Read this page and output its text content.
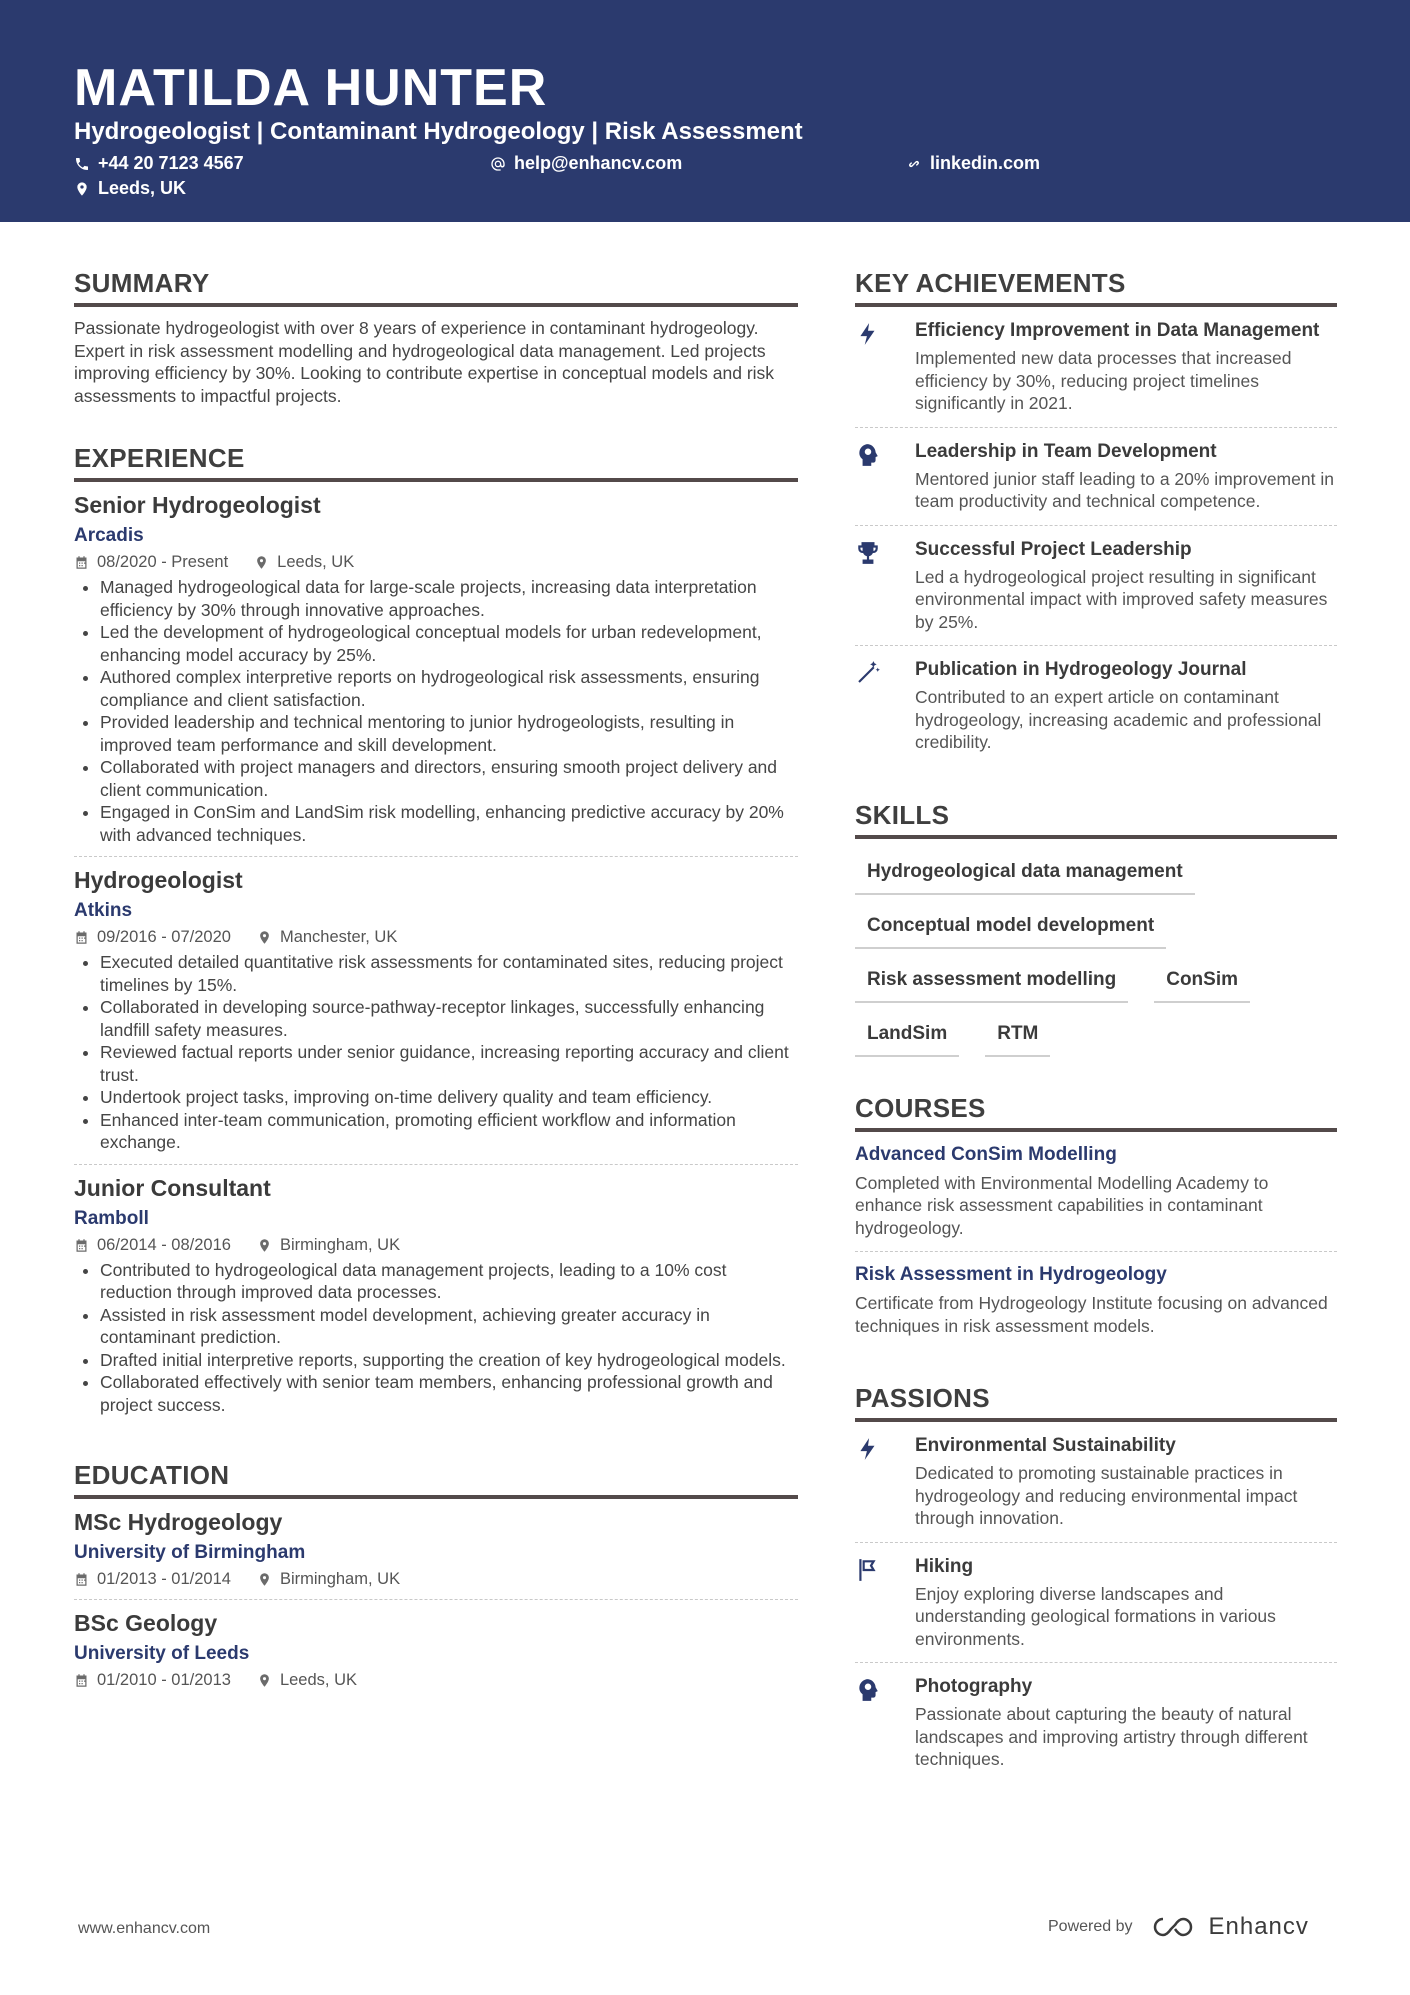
MATILDA HUNTER
Hydrogeologist | Contaminant Hydrogeology | Risk Assessment
+44 20 7123 4567	help@enhancv.com	linkedin.com
Leeds, UK
SUMMARY

Passionate hydrogeologist with over 8 years of experience in contaminant hydrogeology. Expert in risk assessment modelling and hydrogeological data management. Led projects improving efficiency by 30%. Looking to contribute expertise in conceptual models and risk assessments to impactful projects.

EXPERIENCE
Senior Hydrogeologist
Arcadis
08/2020 - Present	Leeds, UK
• Managed hydrogeological data for large-scale projects, increasing data interpretation efficiency by 30% through innovative approaches.
• Led the development of hydrogeological conceptual models for urban redevelopment, enhancing model accuracy by 25%.
• Authored complex interpretive reports on hydrogeological risk assessments, ensuring compliance and client satisfaction.
• Provided leadership and technical mentoring to junior hydrogeologists, resulting in improved team performance and skill development.
• Collaborated with project managers and directors, ensuring smooth project delivery and client communication.
• Engaged in ConSim and LandSim risk modelling, enhancing predictive accuracy by 20% with advanced techniques.
Hydrogeologist
Atkins
09/2016 - 07/2020	Manchester, UK
• Executed detailed quantitative risk assessments for contaminated sites, reducing project timelines by 15%.
• Collaborated in developing source-pathway-receptor linkages, successfully enhancing landfill safety measures.
• Reviewed factual reports under senior guidance, increasing reporting accuracy and client trust.
• Undertook project tasks, improving on-time delivery quality and team efficiency.
• Enhanced inter-team communication, promoting efficient workflow and information exchange.
Junior Consultant
Ramboll
06/2014 - 08/2016	Birmingham, UK
• Contributed to hydrogeological data management projects, leading to a 10% cost reduction through improved data processes.
• Assisted in risk assessment model development, achieving greater accuracy in contaminant prediction.
• Drafted initial interpretive reports, supporting the creation of key hydrogeological models.
• Collaborated effectively with senior team members, enhancing professional growth and project success.
EDUCATION
MSc Hydrogeology
University of Birmingham
01/2013 - 01/2014	Birmingham, UK
BSc Geology
University of Leeds
01/2010 - 01/2013	Leeds, UK
KEY ACHIEVEMENTS
Efficiency Improvement in Data Management
Implemented new data processes that increased efficiency by 30%, reducing project timelines significantly in 2021.
Leadership in Team Development
Mentored junior staff leading to a 20% improvement in team productivity and technical competence.
Successful Project Leadership
Led a hydrogeological project resulting in significant environmental impact with improved safety measures by 25%.
Publication in Hydrogeology Journal
Contributed to an expert article on contaminant hydrogeology, increasing academic and professional credibility.
SKILLS
Hydrogeological data management
Conceptual model development
Risk assessment modelling	ConSim
LandSim	RTM
COURSES
Advanced ConSim Modelling
Completed with Environmental Modelling Academy to enhance risk assessment capabilities in contaminant hydrogeology.
Risk Assessment in Hydrogeology
Certificate from Hydrogeology Institute focusing on advanced techniques in risk assessment models.
PASSIONS
Environmental Sustainability
Dedicated to promoting sustainable practices in hydrogeology and reducing environmental impact through innovation.
Hiking
Enjoy exploring diverse landscapes and understanding geological formations in various environments.
Photography
Passionate about capturing the beauty of natural landscapes and improving artistry through different techniques.
www.enhancv.com	Powered by	Enhancv
